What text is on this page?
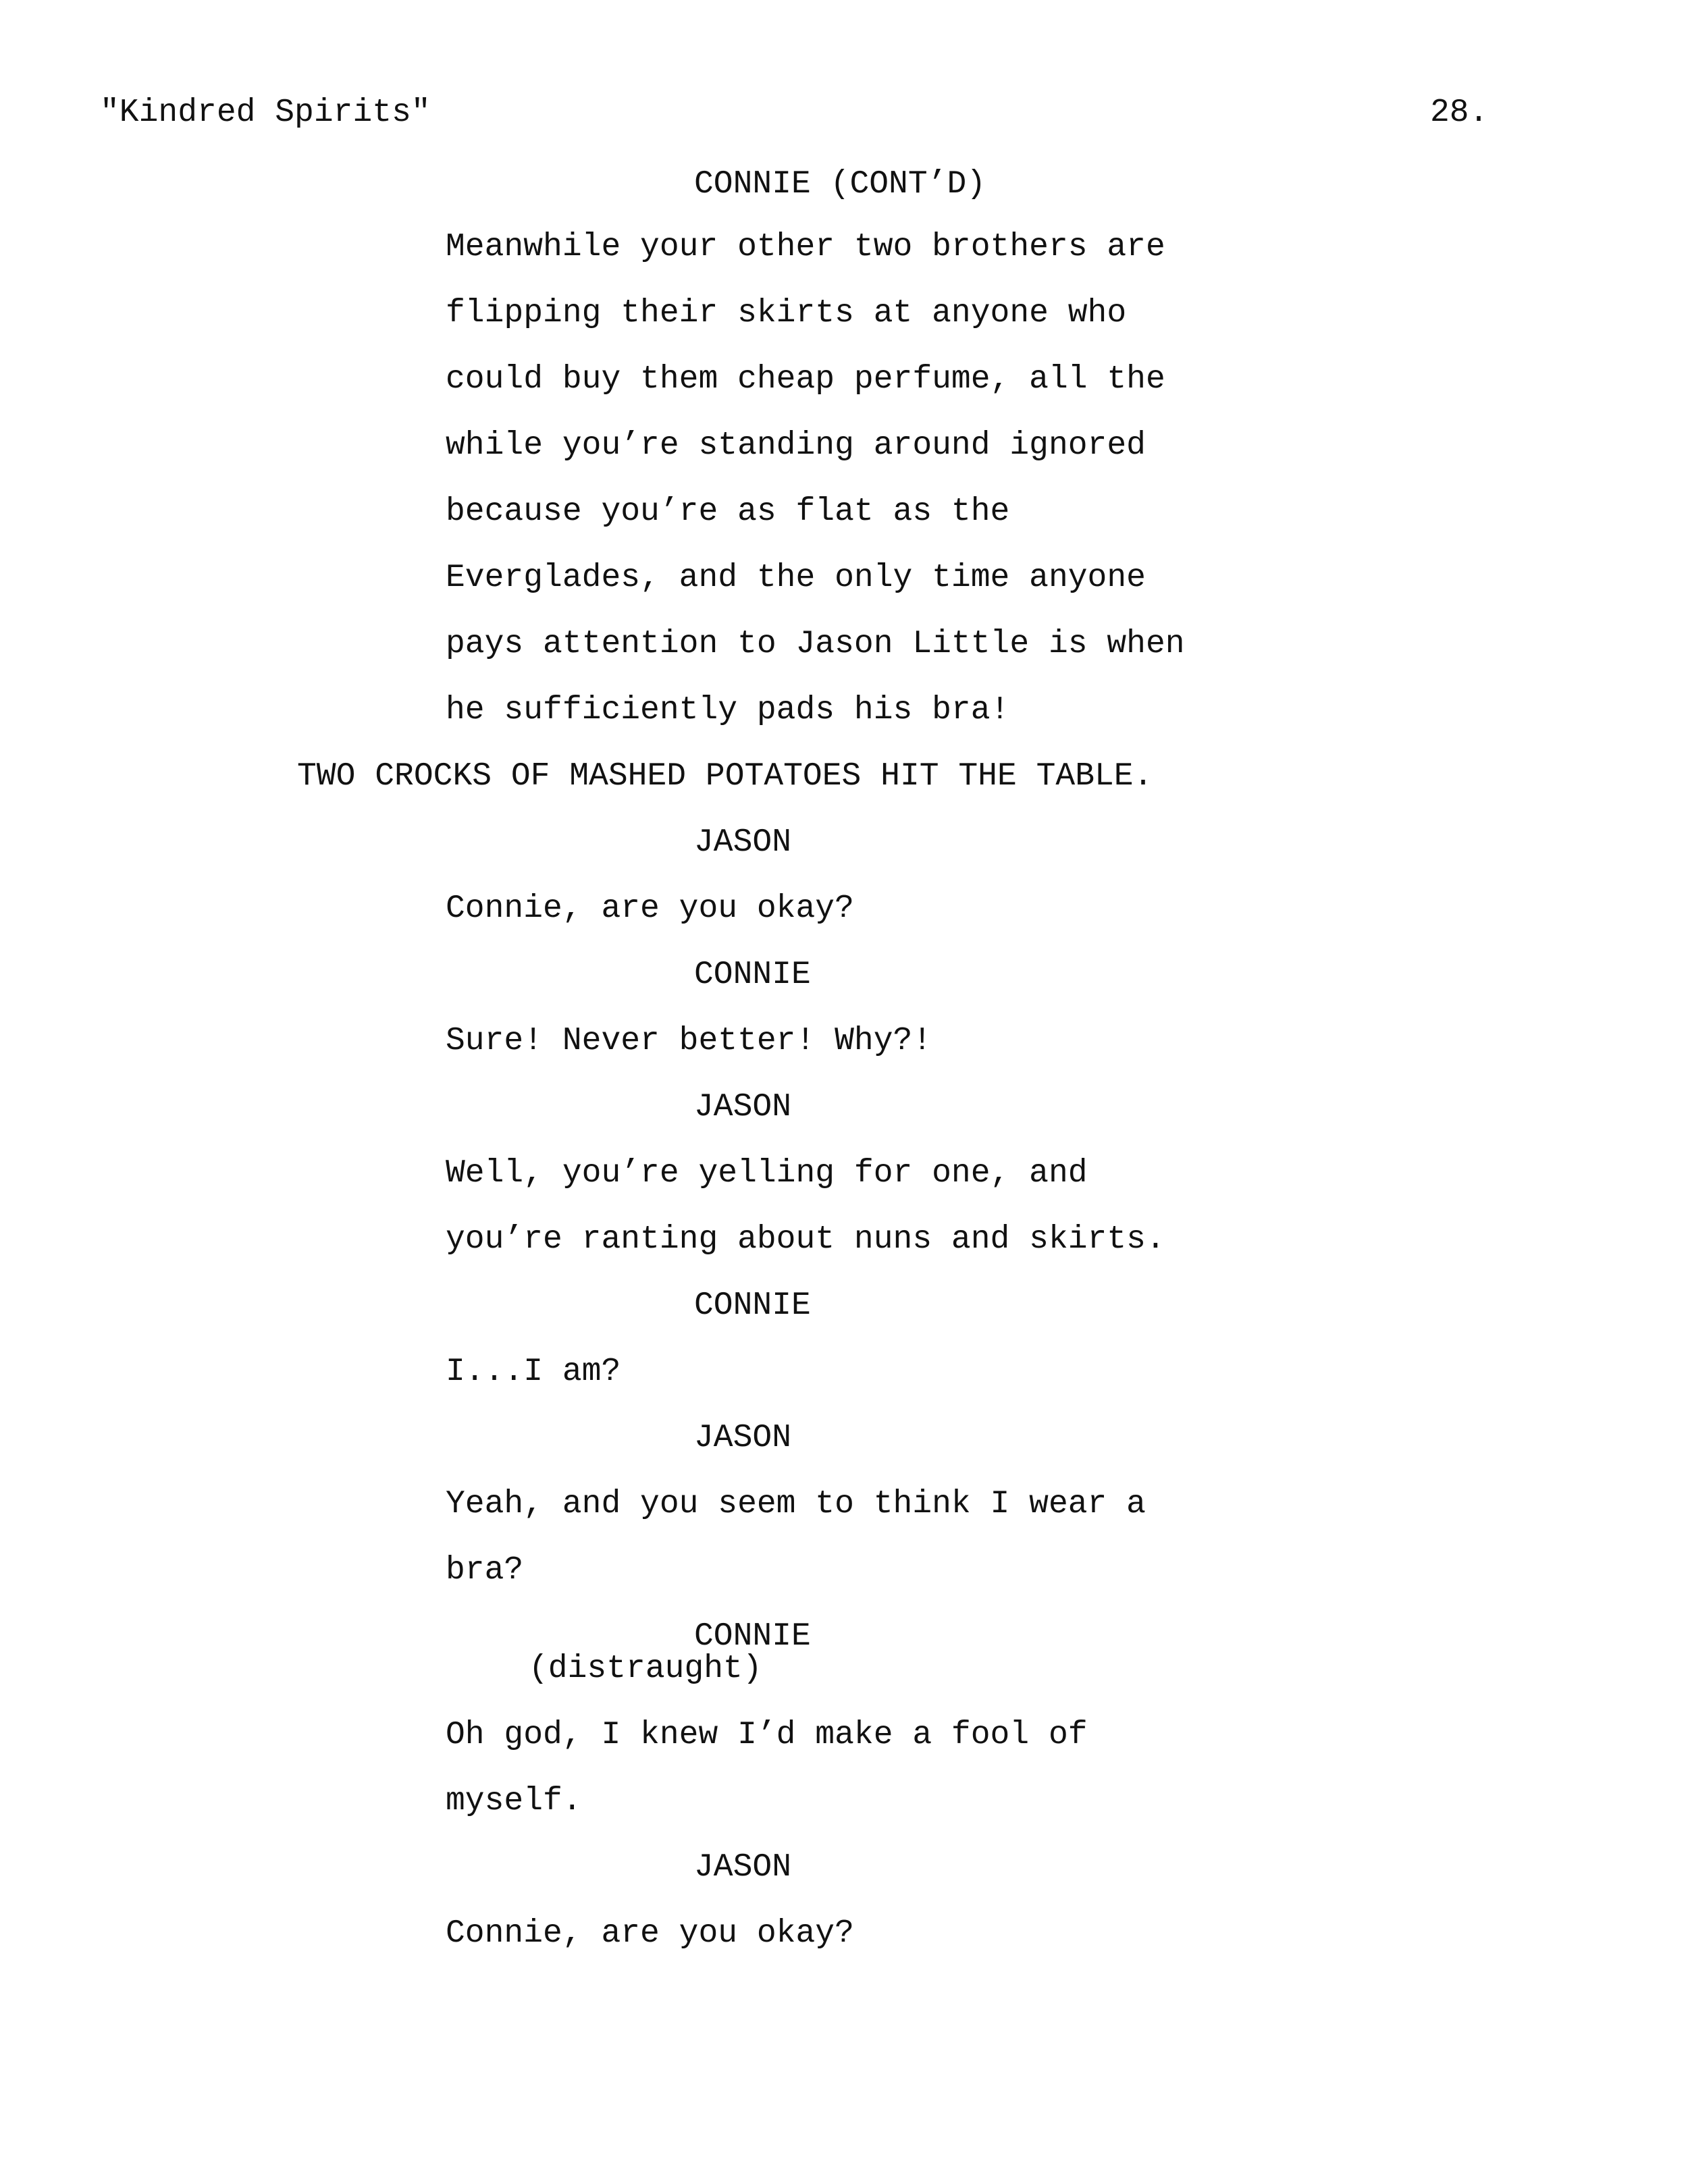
"Kindred Spirits"	28.
CONNIE (CONT’D)
Meanwhile your other two brothers are
flipping their skirts at anyone who
could buy them cheap perfume, all the
while you’re standing around ignored
because you’re as flat as the
Everglades, and the only time anyone
pays attention to Jason Little is when
he sufficiently pads his bra!
TWO CROCKS OF MASHED POTATOES HIT THE TABLE.
JASON
Connie, are you okay?
CONNIE
Sure! Never better! Why?!
JASON
Well, you’re yelling for one, and
you’re ranting about nuns and skirts.
CONNIE
I...I am?
JASON
Yeah, and you seem to think I wear a
bra?
CONNIE
(distraught)
Oh god, I knew I’d make a fool of
myself.
JASON
Connie, are you okay?
